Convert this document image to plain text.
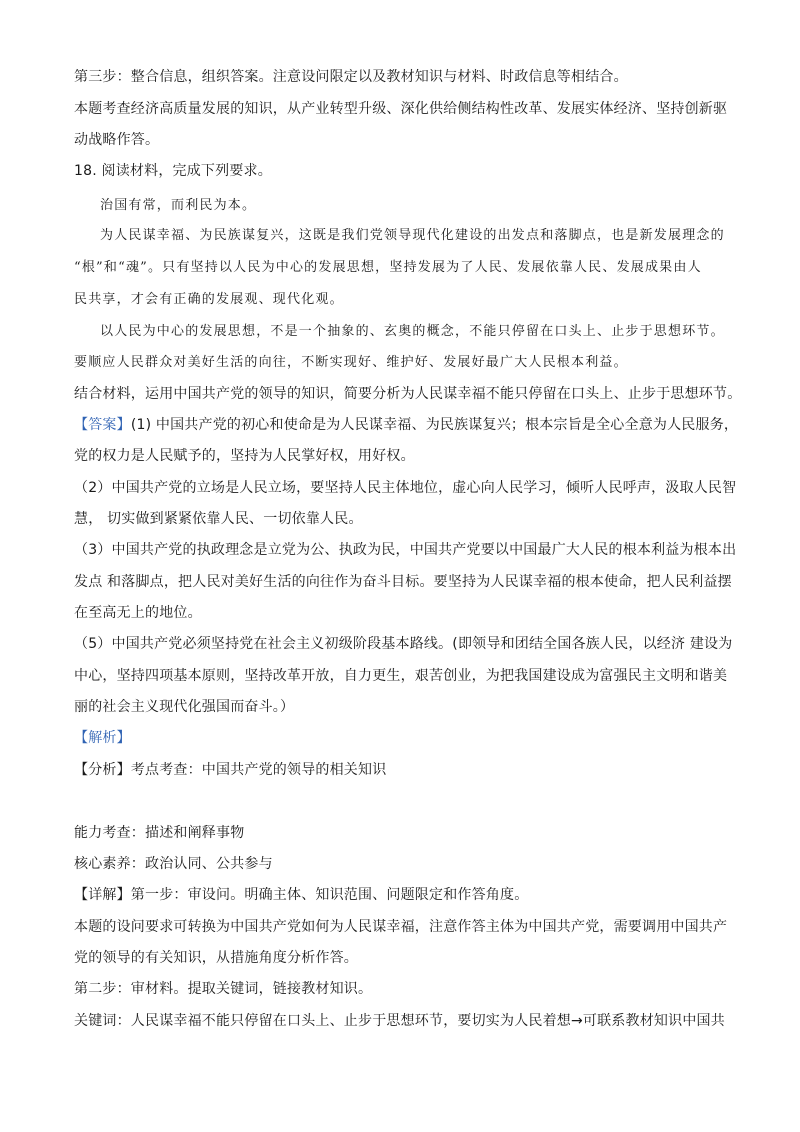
第三步：整合信息，组织答案。注意设问限定以及教材知识与材料、时政信息等相结合。
本题考查经济高质量发展的知识，从产业转型升级、深化供给侧结构性改革、发展实体经济、坚持创新驱
动战略作答。
18. 阅读材料，完成下列要求。
治国有常，而利民为本。
为人民谋幸福、为民族谋复兴，这既是我们党领导现代化建设的出发点和落脚点，也是新发展理念的
“根”和“魂”。只有坚持以人民为中心的发展思想，坚持发展为了人民、发展依靠人民、发展成果由人
民共享，才会有正确的发展观、现代化观。
以人民为中心的发展思想，不是一个抽象的、玄奥的概念，不能只停留在口头上、止步于思想环节。
要顺应人民群众对美好生活的向往，不断实现好、维护好、发展好最广大人民根本利益。
结合材料，运用中国共产党的领导的知识，简要分析为人民谋幸福不能只停留在口头上、止步于思想环节。
【答案】(1) 中国共产党的初心和使命是为人民谋幸福、为民族谋复兴；根本宗旨是全心全意为人民服务，
党的权力是人民赋予的，坚持为人民掌好权，用好权。
（2）中国共产党的立场是人民立场，要坚持人民主体地位，虚心向人民学习，倾听人民呼声，汲取人民智
慧， 切实做到紧紧依靠人民、一切依靠人民。
（3）中国共产党的执政理念是立党为公、执政为民，中国共产党要以中国最广大人民的根本利益为根本出
发点 和落脚点，把人民对美好生活的向往作为奋斗目标。要坚持为人民谋幸福的根本使命，把人民利益摆
在至高无上的地位。
（5）中国共产党必须坚持党在社会主义初级阶段基本路线。(即领导和团结全国各族人民，以经济 建设为
中心，坚持四项基本原则，坚持改革开放，自力更生，艰苦创业，为把我国建设成为富强民主文明和谐美
丽的社会主义现代化强国而奋斗。）
【解析】
【分析】考点考查：中国共产党的领导的相关知识
能力考查：描述和阐释事物
核心素养：政治认同、公共参与
【详解】第一步：审设问。明确主体、知识范围、问题限定和作答角度。
本题的设问要求可转换为中国共产党如何为人民谋幸福，注意作答主体为中国共产党，需要调用中国共产
党的领导的有关知识，从措施角度分析作答。
第二步：审材料。提取关键词，链接教材知识。
关键词：人民谋幸福不能只停留在口头上、止步于思想环节，要切实为人民着想→可联系教材知识中国共
